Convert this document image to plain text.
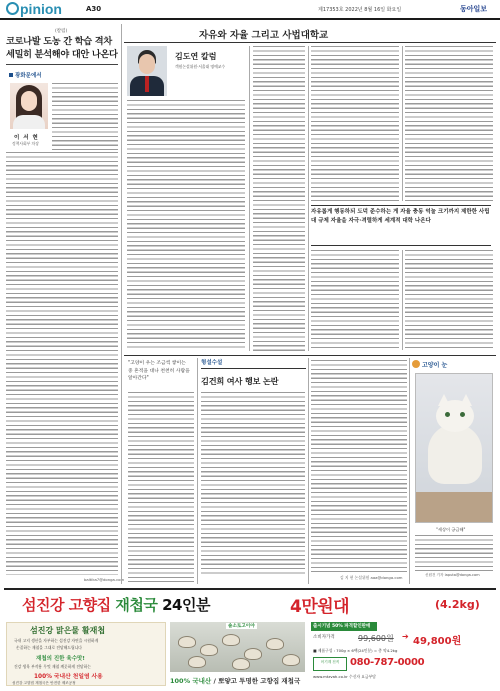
pinion	A30	제17353호 2022년 8월 16일 화요일	동아일보
(칼럼)
코로나발 도농 간 학습 격차 세밀히 분석해야 대안 나온다
광화문에서
이 서 현
정책사회부 차장
baltika7@donga.com
자유와 자율 그리고 사법대학교
김도연 칼럼
객원논설위원·서울대 명예교수
자유롭게 행동하되 도덕 준수하는 게 자율 충동 억눌 크기까지 제한한 사립대 규제 자율을 자극·격렬하게 세계적 대학 나온다
"고양이 우는 조금씩 쌓이는 중 흔적을 대나 천천히 사람을 알아간다"
형설수설
김건희 여사 행보 논란
김 지 현 논설위원 aaa@donga.com
고양이 눈
"세상이 궁금해"
신원건 기자 laputa@donga.com
섬진강 고향집 재첩국 24인분	4만원대	(4.2kg)
섬진강 맑은물 활재첩
국내 고지 생산을 자부하는 섬진강 자연을 시원하게
손질하는 재첩을 그대로 전달해드립니다
재첩의 진한 육수맛!
건강 생육 부작용 무엇 재첩 깨끗하게 전달하는
100% 국내산 천일염 사용
섬진강 고향집 재첩국은 안전한 제조공정
솔소토고이야
100% 국내산 / 뽀얗고 투명한 고향집 재첩국
출시기념 50% 파격할인판매
소비자가격	99,600원 ➔ 49,800원
■ 제품구성 : 700g × 6팩(24인분) = 총 약4.2kg
어기계 천직	080-787-0000
www.mtzvah.co.kr 수신자 요금부담
